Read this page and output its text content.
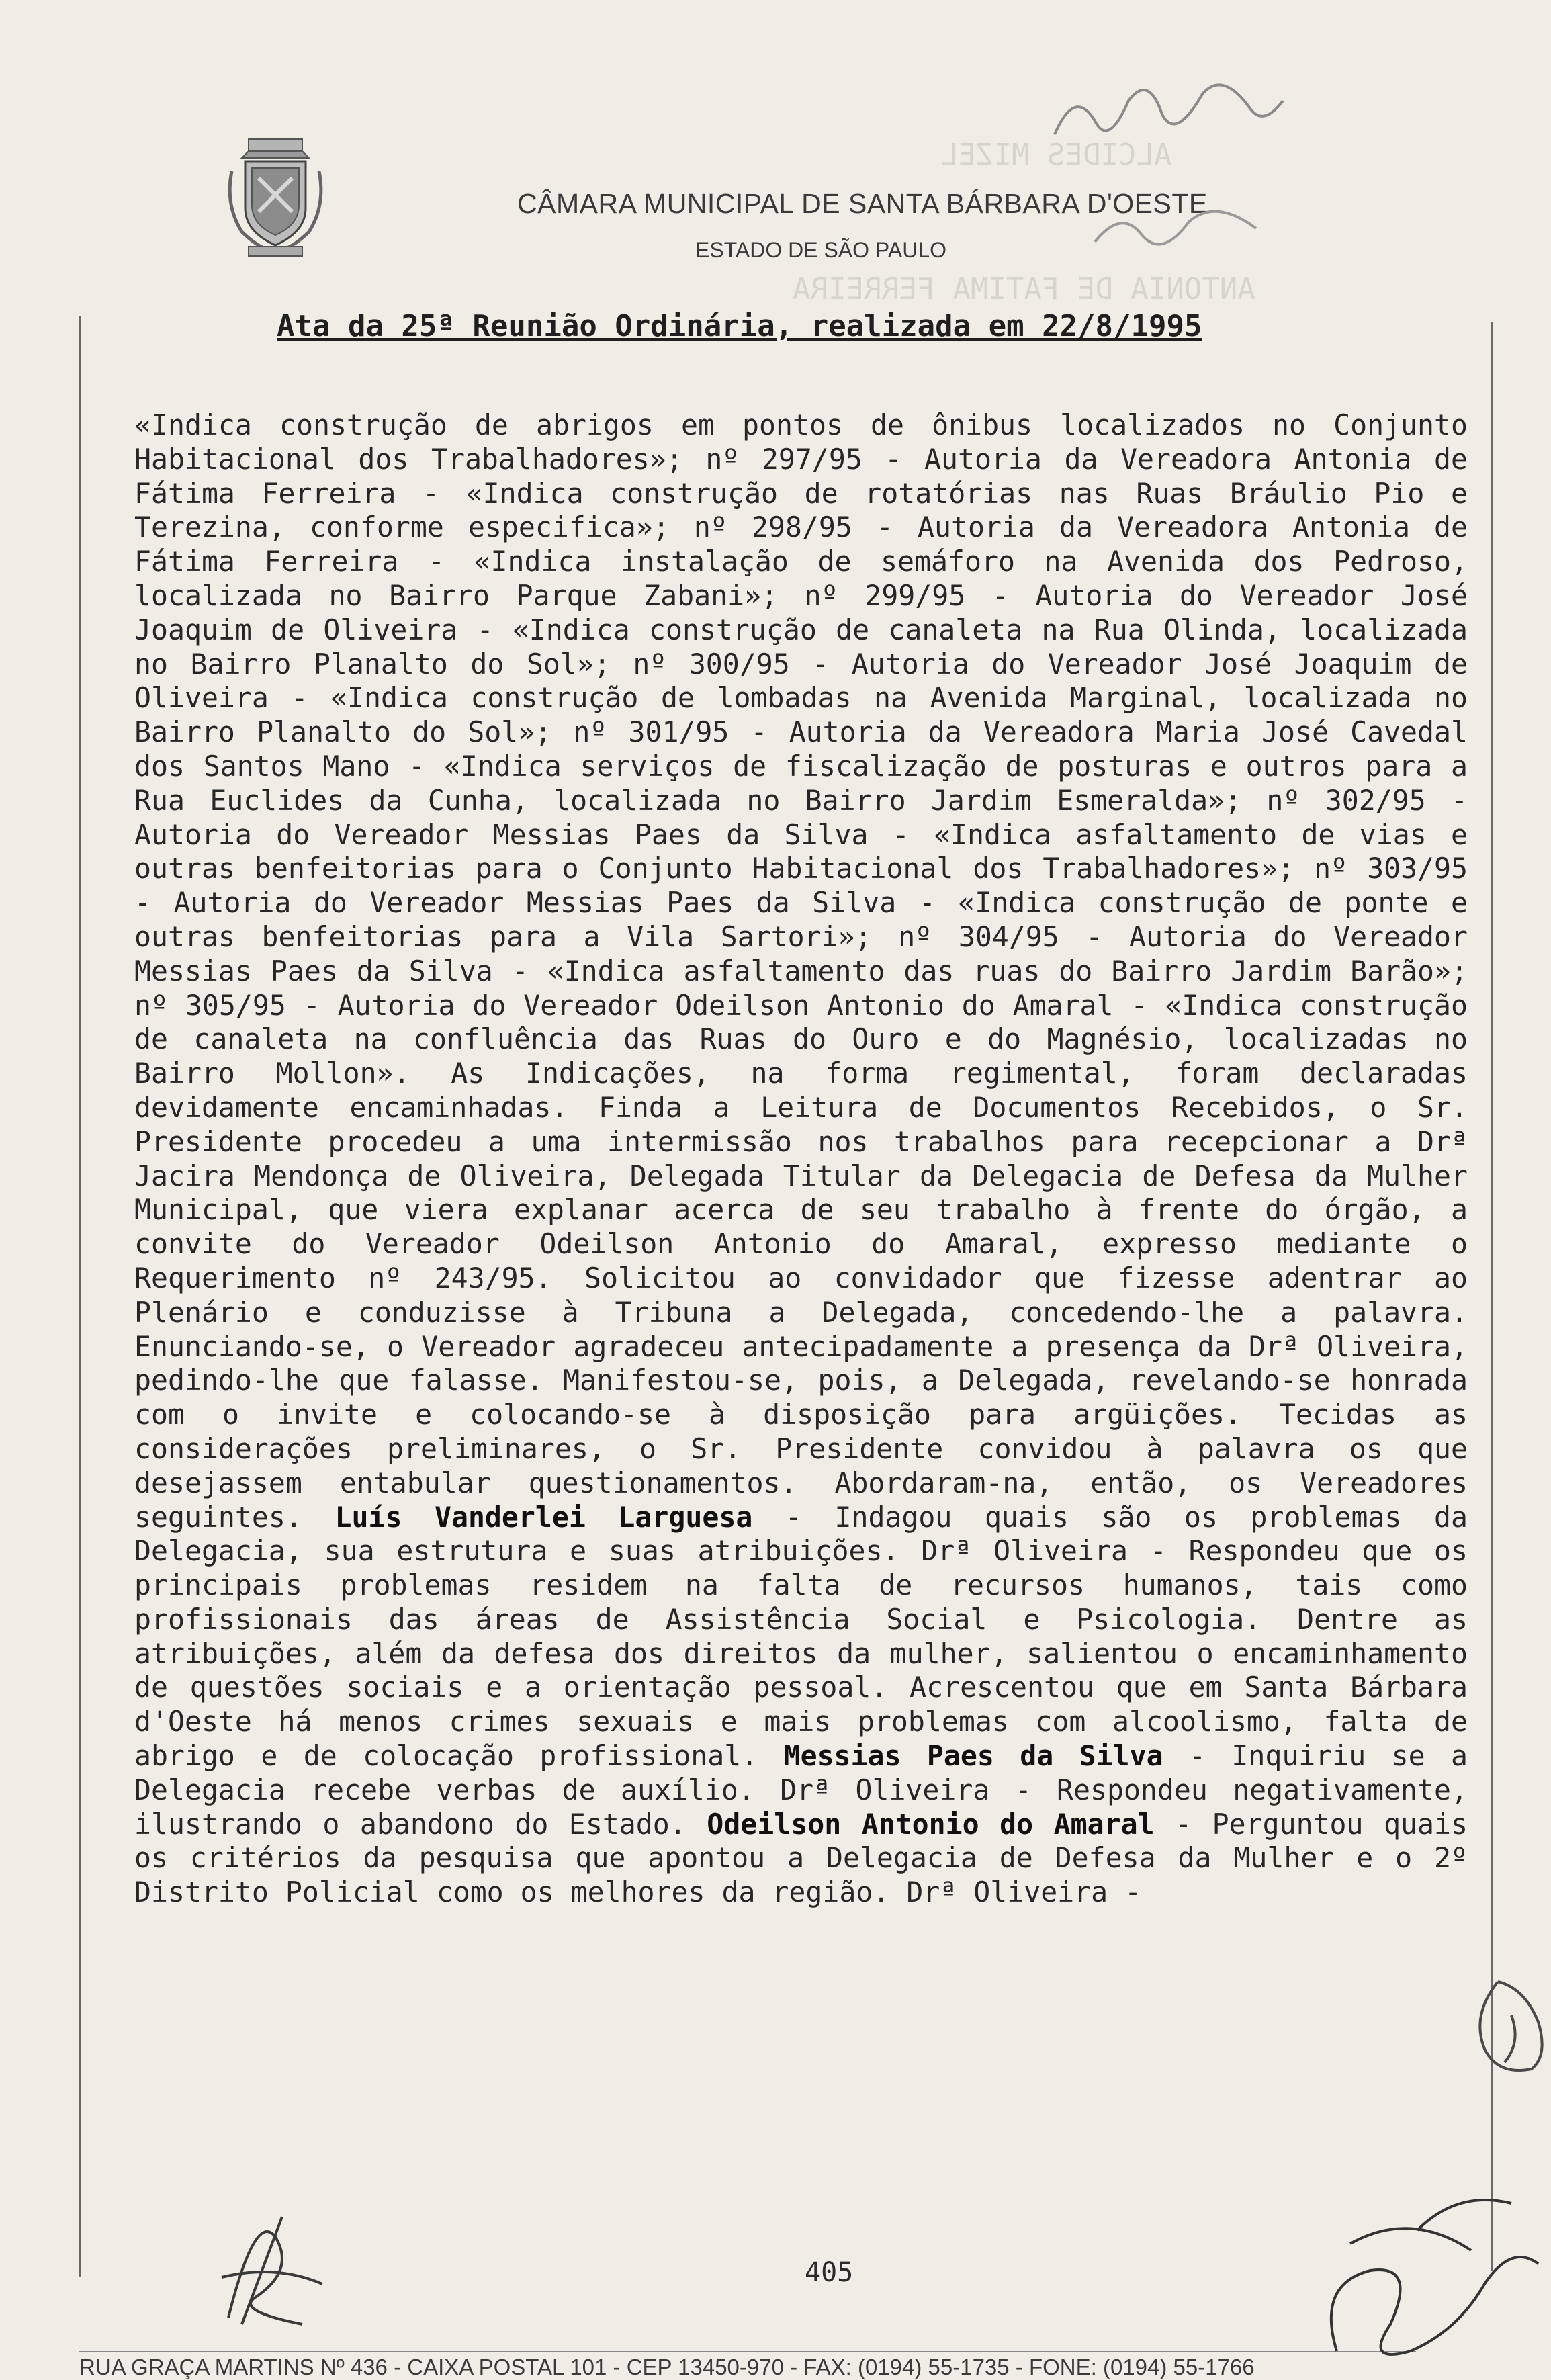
ALCIDES MIZEL
ANTONIA DE FATIMA FERREIRA
CÂMARA MUNICIPAL DE SANTA BÁRBARA D'OESTE
ESTADO DE SÃO PAULO
Ata da 25ª Reunião Ordinária, realizada em 22/8/1995
«Indica construção de abrigos em pontos de ônibus localizados no Conjunto Habitacional dos Trabalhadores»; nº 297/95 - Autoria da Vereadora Antonia de Fátima Ferreira - «Indica construção de rotatórias nas Ruas Bráulio Pio e Terezina, conforme especifica»; nº 298/95 - Autoria da Vereadora Antonia de Fátima Ferreira - «Indica instalação de semáforo na Avenida dos Pedroso, localizada no Bairro Parque Zabani»; nº 299/95 - Autoria do Vereador José Joaquim de Oliveira - «Indica construção de canaleta na Rua Olinda, localizada no Bairro Planalto do Sol»; nº 300/95 - Autoria do Vereador José Joaquim de Oliveira - «Indica construção de lombadas na Avenida Marginal, localizada no Bairro Planalto do Sol»; nº 301/95 - Autoria da Vereadora Maria José Cavedal dos Santos Mano - «Indica serviços de fiscalização de posturas e outros para a Rua Euclides da Cunha, localizada no Bairro Jardim Esmeralda»; nº 302/95 - Autoria do Vereador Messias Paes da Silva - «Indica asfaltamento de vias e outras benfeitorias para o Conjunto Habitacional dos Trabalhadores»; nº 303/95 - Autoria do Vereador Messias Paes da Silva - «Indica construção de ponte e outras benfeitorias para a Vila Sartori»; nº 304/95 - Autoria do Vereador Messias Paes da Silva - «Indica asfaltamento das ruas do Bairro Jardim Barão»; nº 305/95 - Autoria do Vereador Odeilson Antonio do Amaral - «Indica construção de canaleta na confluência das Ruas do Ouro e do Magnésio, localizadas no Bairro Mollon». As Indicações, na forma regimental, foram declaradas devidamente encaminhadas. Finda a Leitura de Documentos Recebidos, o Sr. Presidente procedeu a uma intermissão nos trabalhos para recepcionar a Drª Jacira Mendonça de Oliveira, Delegada Titular da Delegacia de Defesa da Mulher Municipal, que viera explanar acerca de seu trabalho à frente do órgão, a convite do Vereador Odeilson Antonio do Amaral, expresso mediante o Requerimento nº 243/95. Solicitou ao convidador que fizesse adentrar ao Plenário e conduzisse à Tribuna a Delegada, concedendo-lhe a palavra. Enunciando-se, o Vereador agradeceu antecipadamente a presença da Drª Oliveira, pedindo-lhe que falasse. Manifestou-se, pois, a Delegada, revelando-se honrada com o invite e colocando-se à disposição para argüições. Tecidas as considerações preliminares, o Sr. Presidente convidou à palavra os que desejassem entabular questionamentos. Abordaram-na, então, os Vereadores seguintes. Luís Vanderlei Larguesa - Indagou quais são os problemas da Delegacia, sua estrutura e suas atribuições. Drª Oliveira - Respondeu que os principais problemas residem na falta de recursos humanos, tais como profissionais das áreas de Assistência Social e Psicologia. Dentre as atribuições, além da defesa dos direitos da mulher, salientou o encaminhamento de questões sociais e a orientação pessoal. Acrescentou que em Santa Bárbara d'Oeste há menos crimes sexuais e mais problemas com alcoolismo, falta de abrigo e de colocação profissional. Messias Paes da Silva - Inquiriu se a Delegacia recebe verbas de auxílio. Drª Oliveira - Respondeu negativamente, ilustrando o abandono do Estado. Odeilson Antonio do Amaral - Perguntou quais os critérios da pesquisa que apontou a Delegacia de Defesa da Mulher e o 2º Distrito Policial como os melhores da região. Drª Oliveira -
405
RUA GRAÇA MARTINS Nº 436 - CAIXA POSTAL 101 - CEP 13450-970 - FAX: (0194) 55-1735 - FONE: (0194) 55-1766
